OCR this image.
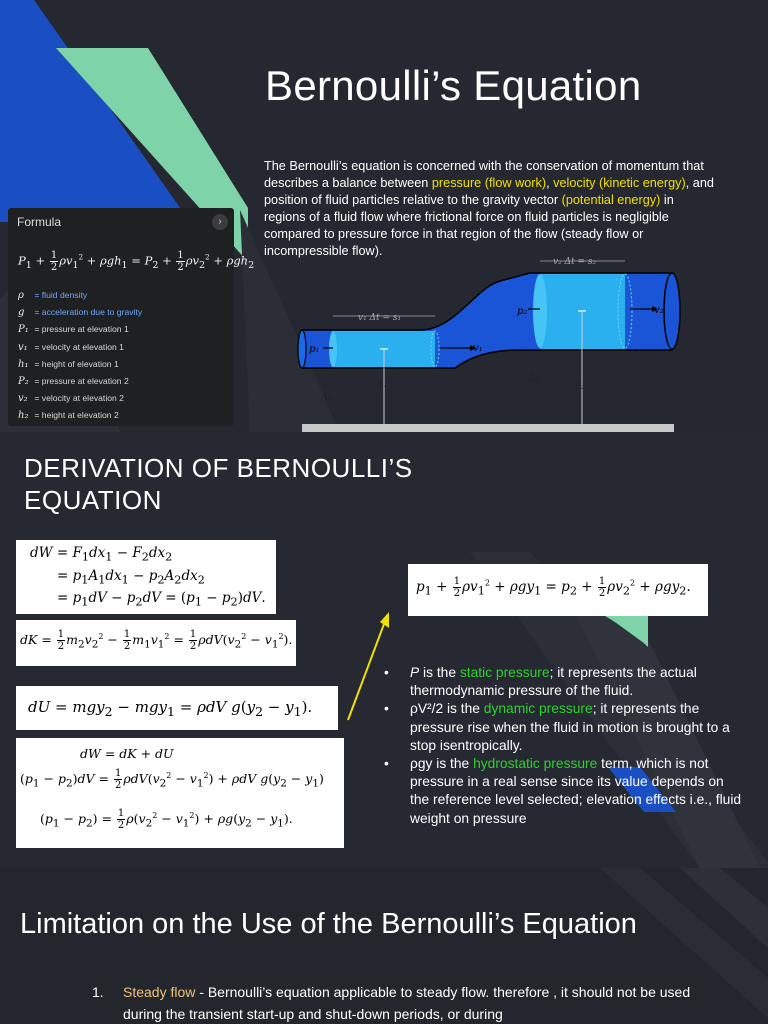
Bernoulli’s Equation

The Bernoulli’s equation is concerned with the conservation of momentum that describes a balance between pressure (flow work), velocity (kinetic energy), and position of fluid particles relative to the gravity vector (potential energy) in regions of a fluid flow where frictional force on fluid particles is negligible compared to pressure force in that region of the flow (steady flow or incompressible flow).

Formula	›
$P_1 + \frac{1}{2} \rho v_1^2 + \rho gh_1 = P_2 + \frac{1}{2} \rho v_2^2 + \rho gh_2$
ρ = fluid density
g = acceleration due to gravity
P₁ = pressure at elevation 1
v₁ = velocity at elevation 1
h₁ = height of elevation 1
P₂ = pressure at elevation 2
v₂ = velocity at elevation 2
h₂ = height at elevation 2
v₁ Δt = s₁
v₂ Δt = s₂
p₁	v₁
p₂	v₂
h₁	h₂
A₁
A₂
DERIVATION OF BERNOULLI’S EQUATION
dW = $F_1dx_1 - F_2dx_2$
= $p_1A_1dx_1 - p_2A_2dx_2$
= $p_1dV - p_2dV = (p_1 - p_2)dV$.
dK = $\frac{1}{2} m_2v_2^2 - \frac{1}{2} m_1v_1^2 = \frac{1}{2} \rho dV(v_2^2 - v_1^2)$.
dU = mgy$_2$ − mgy$_1$ = ρdV $g(y_2 - y_1)$.
dW = dK + dU
$(p_1 - p_2)dV = \frac{1}{2} \rho dV(v_2^2 - v_1^2) + \rho dV$ $g(y_2 - y_1)$
$(p_1 - p_2) = \frac{1}{2} \rho(v_2^2 - v_1^2) + \rho g(y_2 - y_1)$.
$p_1 + \frac{1}{2} \rho v_1^2 + \rho gy_1 = p_2 + \frac{1}{2} \rho v_2^2 + \rho gy_2$.

• P is the static pressure; it represents the actual thermodynamic pressure of the fluid.

• ρV²/2 is the dynamic pressure; it represents the pressure rise when the fluid in motion is brought to a stop isentropically.

• ρgy is the hydrostatic pressure term, which is not pressure in a real sense since its value depends on the reference level selected; elevation effects i.e., fluid weight on pressure

Limitation on the Use of the Bernoulli’s Equation
1. Steady flow - Bernoulli’s equation applicable to steady flow. therefore , it should not be used during the transient start-up and shut-down periods, or during
